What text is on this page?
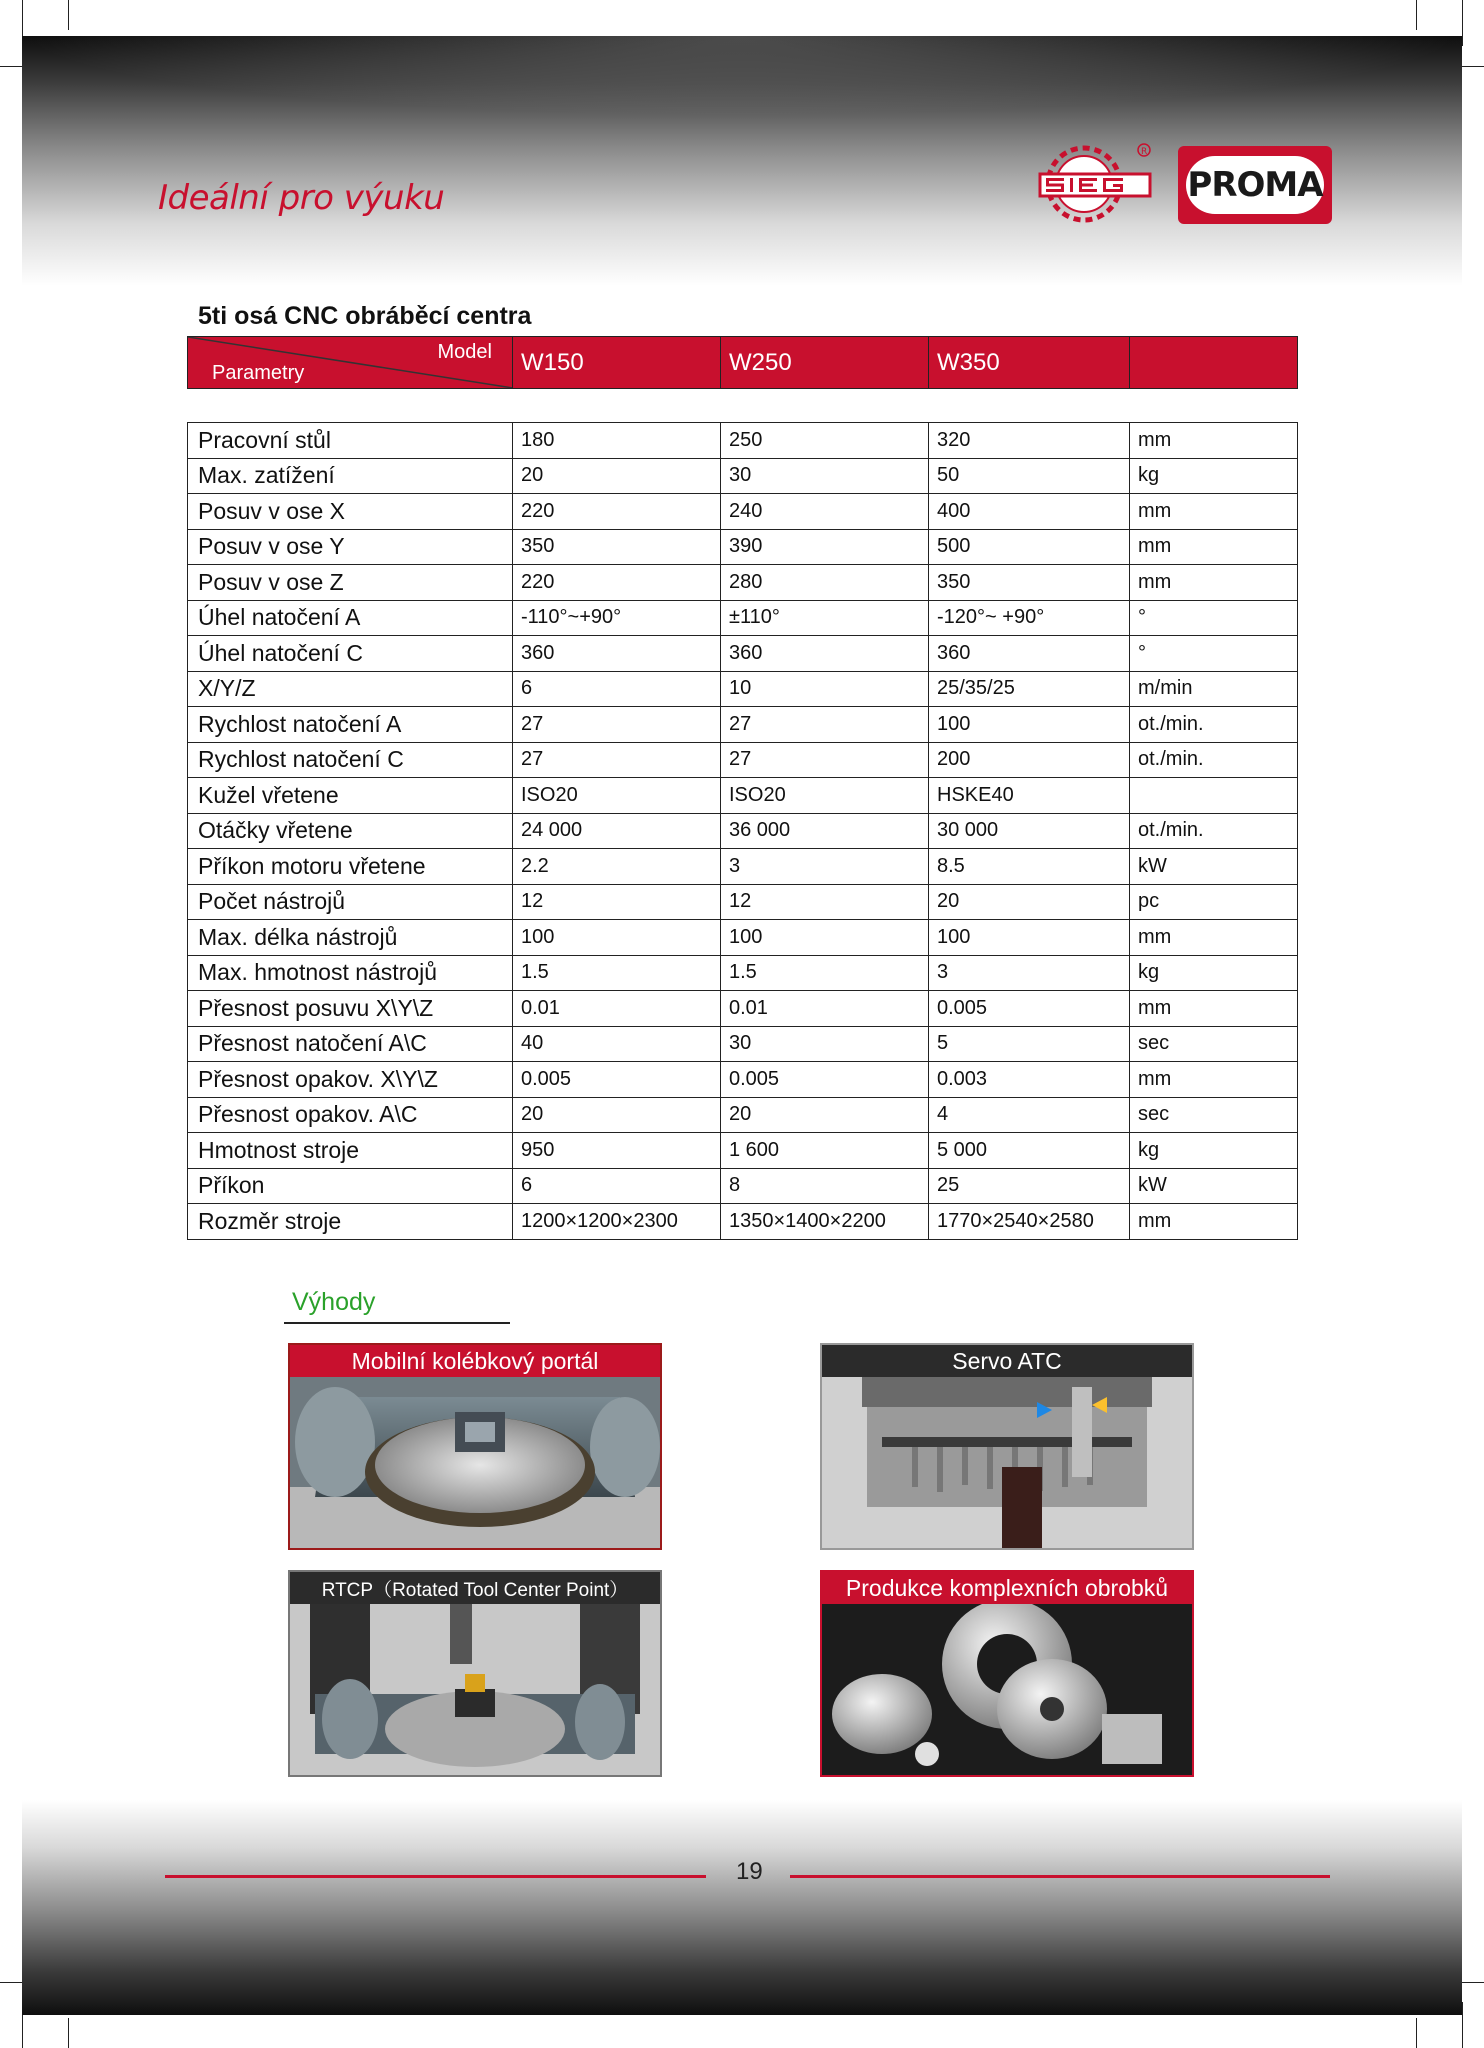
Ideální pro výuku
R
PROMA
5ti osá CNC obráběcí centra
Model
Parametry	W150	W250	W350	

Pracovní stůl	180	250	320	mm
Max. zatížení	20	30	50	kg
Posuv v ose X	220	240	400	mm
Posuv v ose Y	350	390	500	mm
Posuv v ose Z	220	280	350	mm
Úhel natočení A	-110°~+90°	±110°	-120°~ +90°	°
Úhel natočení C	360	360	360	°
X/Y/Z	6	10	25/35/25	m/min
Rychlost natočení A	27	27	100	ot./min.
Rychlost natočení C	27	27	200	ot./min.
Kužel vřetene	ISO20	ISO20	HSKE40	
Otáčky vřetene	24 000	36 000	30 000	ot./min.
Příkon motoru vřetene	2.2	3	8.5	kW
Počet nástrojů	12	12	20	pc
Max. délka nástrojů	100	100	100	mm
Max. hmotnost nástrojů	1.5	1.5	3	kg
Přesnost posuvu X\Y\Z	0.01	0.01	0.005	mm
Přesnost natočení A\C	40	30	5	sec
Přesnost opakov. X\Y\Z	0.005	0.005	0.003	mm
Přesnost opakov. A\C	20	20	4	sec
Hmotnost stroje	950	1 600	5 000	kg
Příkon	6	8	25	kW
Rozměr stroje	1200×1200×2300	1350×1400×2200	1770×2540×2580	mm
Výhody
Mobilní kolébkový portál	Servo ATC
RTCP（Rotated Tool Center Point）	Produkce komplexních obrobků
19
